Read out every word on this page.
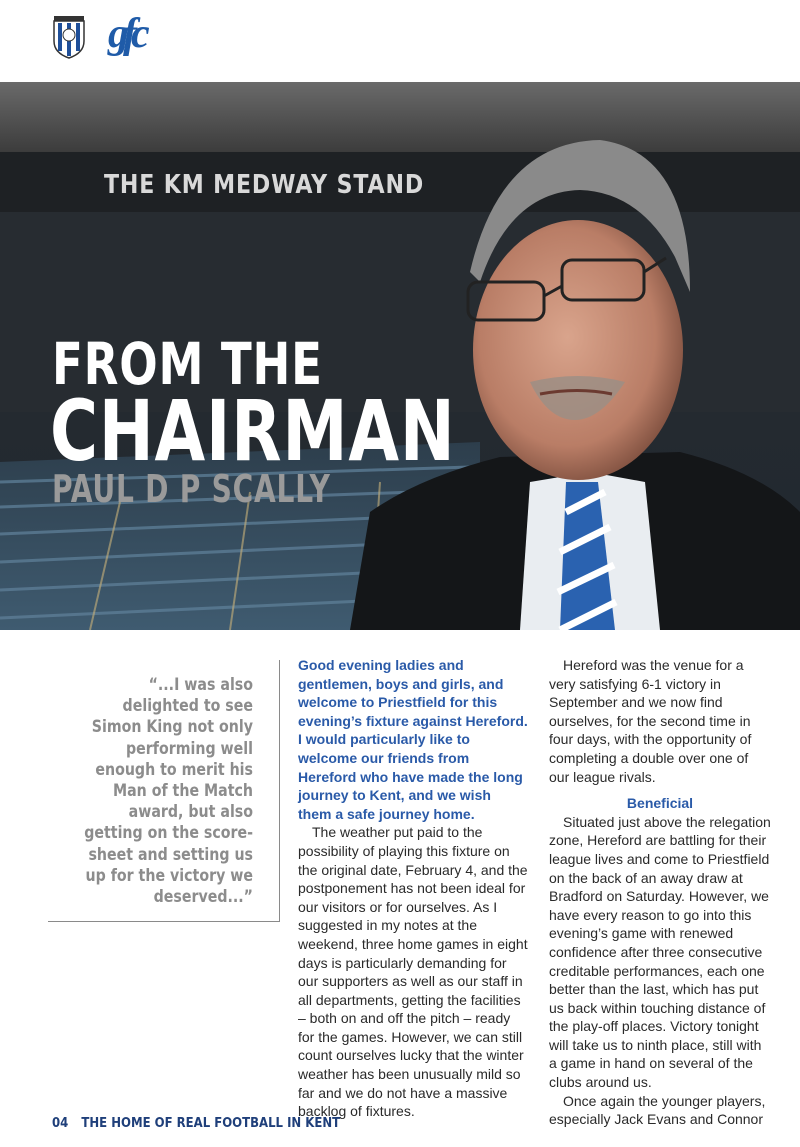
gfc
THE KM MEDWAY STAND
FROM THE
CHAIRMAN
PAUL D P SCALLY

“...I was also delighted to see Simon King not only performing well enough to merit his Man of the Match award, but also getting on the score-sheet and setting us up for the victory we deserved...”

Good evening ladies and gentlemen, boys and girls, and welcome to Priestfield for this evening’s fixture against Hereford. I would particularly like to welcome our friends from Hereford who have made the long journey to Kent, and we wish them a safe journey home.

The weather put paid to the possibility of playing this fixture on the original date, February 4, and the postponement has not been ideal for our visitors or for ourselves. As I suggested in my notes at the weekend, three home games in eight days is particularly demanding for our supporters as well as our staff in all departments, getting the facilities – both on and off the pitch – ready for the games. However, we can still count ourselves lucky that the winter weather has been unusually mild so far and we do not have a massive backlog of fixtures.

Hereford was the venue for a very satisfying 6-1 victory in September and we now find ourselves, for the second time in four days, with the opportunity of completing a double over one of our league rivals.

Beneficial

Situated just above the relegation zone, Hereford are battling for their league lives and come to Priestfield on the back of an away draw at Bradford on Saturday. However, we have every reason to go into this evening’s game with renewed confidence after three consecutive creditable performances, each one better than the last, which has put us back within touching distance of the play-off places. Victory tonight will take us to ninth place, still with a game in hand on several of the clubs around us.

Once again the younger players, especially Jack Evans and Connor

04 THE HOME OF REAL FOOTBALL IN KENT
